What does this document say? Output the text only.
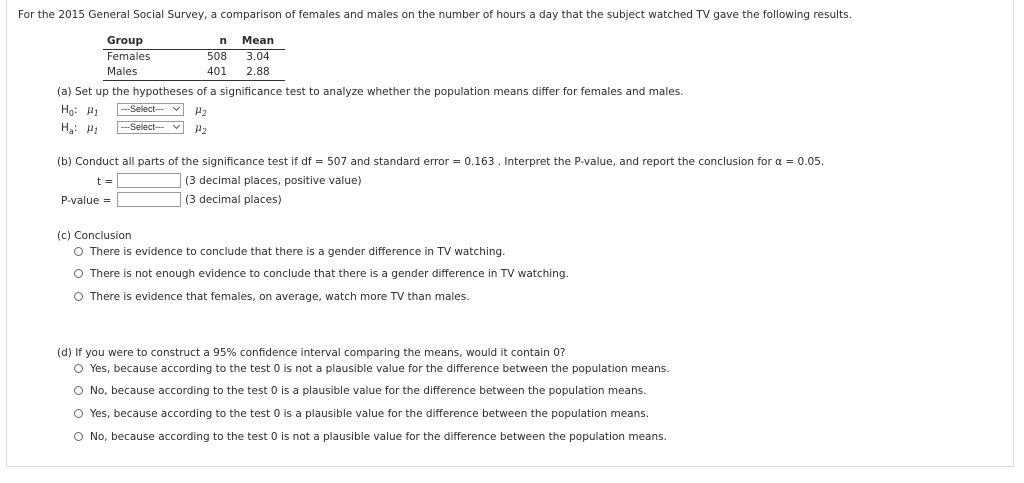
For the 2015 General Social Survey, a comparison of females and males on the number of hours a day that the subject watched TV gave the following results.
Group	n	Mean
Females	508	3.04
Males	401	2.88
(a) Set up the hypotheses of a significance test to analyze whether the population means differ for females and males.
$H_0$: $\mu_1$	---Select---	$\mu_2$
$H_a$: $\mu_1$	---Select---	$\mu_2$
(b) Conduct all parts of the significance test if df = 507 and standard error = 0.163 . Interpret the P-value, and report the conclusion for α = 0.05.
t =	(3 decimal places, positive value)
P-value =	(3 decimal places)
(c) Conclusion
There is evidence to conclude that there is a gender difference in TV watching.
There is not enough evidence to conclude that there is a gender difference in TV watching.
There is evidence that females, on average, watch more TV than males.
(d) If you were to construct a 95% confidence interval comparing the means, would it contain 0?
Yes, because according to the test 0 is not a plausible value for the difference between the population means.
No, because according to the test 0 is a plausible value for the difference between the population means.
Yes, because according to the test 0 is a plausible value for the difference between the population means.
No, because according to the test 0 is not a plausible value for the difference between the population means.
